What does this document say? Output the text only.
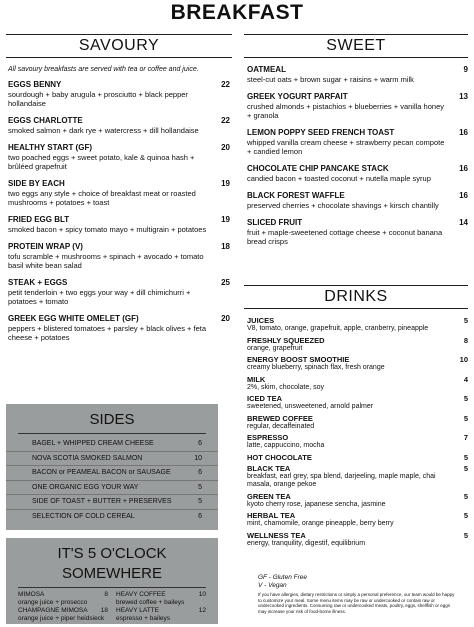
BREAKFAST
SAVOURY	SWEET
DRINKS
All savoury breakfasts are served with tea or coffee and juice.
EGGS BENNY	22
sourdough + baby arugula + prosciutto + black pepper hollandaise
EGGS CHARLOTTE	22
smoked salmon + dark rye + watercress + dill hollandaise
HEALTHY START (GF)	20
two poached eggs + sweet potato, kale & quinoa hash + brûléed grapefruit
SIDE BY EACH	19
two eggs any style + choice of breakfast meat or roasted mushrooms + potatoes + toast
FRIED EGG BLT	19
smoked bacon + spicy tomato mayo + multigrain + potatoes
PROTEIN WRAP (V)	18
tofu scramble + mushrooms + spinach + avocado + tomato basil white bean salad
STEAK + EGGS	25
petit tenderloin + two eggs your way + dill chimichurri + potatoes + tomato
GREEK EGG WHITE OMELET (GF)	20
peppers + blistered tomatoes + parsley + black olives + feta cheese + potatoes
OATMEAL	9
steel-cut oats + brown sugar + raisins + warm milk
GREEK YOGURT PARFAIT	13
crushed almonds + pistachios + blueberries + vanilla honey + granola
LEMON POPPY SEED FRENCH TOAST	16
whipped vanilla cream cheese + strawberry pecan compote + candied lemon
CHOCOLATE CHIP PANCAKE STACK	16
candied bacon + toasted coconut + nutella maple syrup
BLACK FOREST WAFFLE	16
preserved cherries + chocolate shavings + kirsch chantilly
SLICED FRUIT	14
fruit + maple-sweetened cottage cheese + coconut banana bread crisps
JUICES	5
V8, tomato, orange, grapefruit, apple, cranberry, pineapple
FRESHLY SQUEEZED	8
orange, grapefruit
ENERGY BOOST SMOOTHIE	10
creamy blueberry, spinach flax, fresh orange
MILK	4
2%, skim, chocolate, soy
ICED TEA	5
sweetened, unsweetened, arnold palmer
BREWED COFFEE	5
regular, decaffeinated
ESPRESSO	7
latte, cappuccino, mocha
HOT CHOCOLATE	5
BLACK TEA	5
breakfast, earl grey, spa blend, darjeeling, maple maple, chai masala, orange pekoe
GREEN TEA	5
kyoto cherry rose, japanese sencha, jasmine
HERBAL TEA	5
mint, chamomile, orange pineapple, berry berry
WELLNESS TEA	5
energy, tranquility, digestif, equilibrium
SIDES
BAGEL + WHIPPED CREAM CHEESE	6
NOVA SCOTIA SMOKED SALMON	10
BACON or PEAMEAL BACON or SAUSAGE	6
ONE ORGANIC EGG YOUR WAY	5
SIDE OF TOAST + BUTTER + PRESERVES	5
SELECTION OF COLD CEREAL	6
IT'S 5 O'CLOCK SOMEWHERE
MIMOSA	8
orange juice + prosecco
HEAVY COFFEE	10
brewed coffee + baileys
CHAMPAGNE MIMOSA 18
orange juice + piper heidsieck
HEAVY LATTE	12
espresso + baileys
GF - Gluten Free
V - Vegan
If you have allergies, dietary restrictions or simply a personal preference, our team would be happy to customize your meal. Some menu items may be raw or undercooked or contain raw or undercooked ingredients. Consuming raw or undercooked meats, poultry, eggs, shellfish or eggs may increase your risk of food-borne illness.
